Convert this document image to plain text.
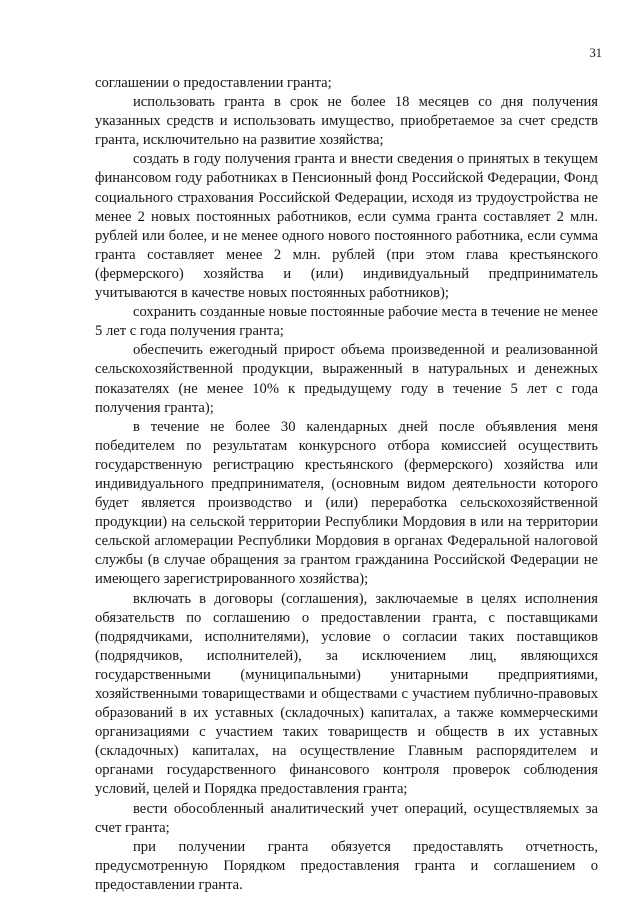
31

соглашении о предоставлении гранта;

использовать гранта в срок не более 18 месяцев со дня получения указанных средств и использовать имущество, приобретаемое за счет средств гранта, исключительно на развитие хозяйства;

создать в году получения гранта и внести сведения о принятых в текущем финансовом году работниках в Пенсионный фонд Российской Федерации, Фонд социального страхования Российской Федерации, исходя из трудоустройства не менее 2 новых постоянных работников, если сумма гранта составляет 2 млн. рублей или более, и не менее одного нового постоянного работника, если сумма гранта составляет менее 2 млн. рублей (при этом глава крестьянского (фермерского) хозяйства и (или) индивидуальный предприниматель учитываются в качестве новых постоянных работников);

сохранить созданные новые постоянные рабочие места в течение не менее 5 лет с года получения гранта;

обеспечить ежегодный прирост объема произведенной и реализованной сельскохозяйственной продукции, выраженный в натуральных и денежных показателях (не менее 10% к предыдущему году в течение 5 лет с года получения гранта);

в течение не более 30 календарных дней после объявления меня победителем по результатам конкурсного отбора комиссией осуществить государственную регистрацию крестьянского (фермерского) хозяйства или индивидуального предпринимателя, (основным видом деятельности которого будет является производство и (или) переработка сельскохозяйственной продукции) на сельской территории Республики Мордовия в или на территории сельской агломерации Республики Мордовия в органах Федеральной налоговой службы (в случае обращения за грантом гражданина Российской Федерации не имеющего зарегистрированного хозяйства);

включать в договоры (соглашения), заключаемые в целях исполнения обязательств по соглашению о предоставлении гранта, с поставщиками (подрядчиками, исполнителями), условие о согласии таких поставщиков (подрядчиков, исполнителей), за исключением лиц, являющихся государственными (муниципальными) унитарными предприятиями, хозяйственными товариществами и обществами с участием публично-правовых образований в их уставных (складочных) капиталах, а также коммерческими организациями с участием таких товариществ и обществ в их уставных (складочных) капиталах, на осуществление Главным распорядителем и органами государственного финансового контроля проверок соблюдения условий, целей и Порядка предоставления гранта;

вести обособленный аналитический учет операций, осуществляемых за счет гранта;

при получении гранта обязуется предоставлять отчетность, предусмотренную Порядком предоставления гранта и соглашением о предоставлении гранта.
